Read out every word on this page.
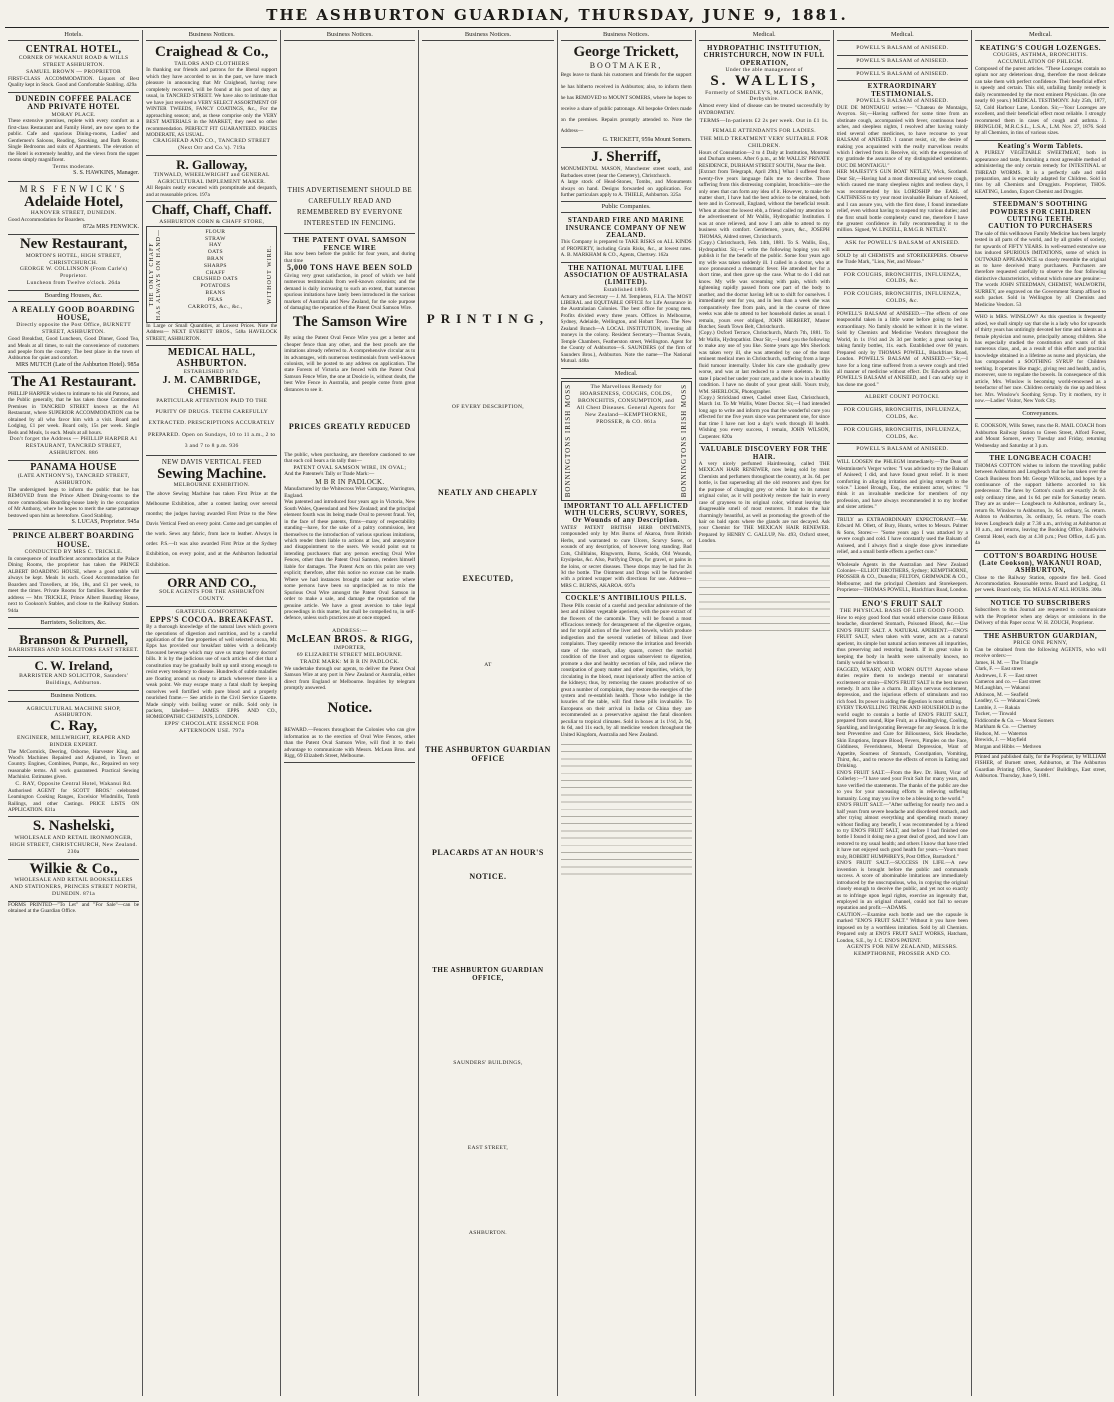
THE ASHBURTON GUARDIAN, THURSDAY, JUNE 9, 1881.
Hotels.
CENTRAL HOTEL,
CORNER OF WAKANUI ROAD & WILLS STREET ASHBURTON.
SAMUEL BROWN — PROPRIETOR
FIRST-CLASS ACCOMMODATION. Liquors of Best Quality kept in Stock. Good and Comfortable Stabling. 429a
DUNEDIN COFFEE PALACE AND PRIVATE HOTEL
MORAY PLACE.
These extensive premises, replete with every comfort as a first-class Restaurant and Family Hotel, are now open to the public. Cafe and spacious Dining-rooms, Ladies' and Gentlemen's Saloons, Reading, Smoking, and Bath Rooms; Single Bedrooms and suits of Apartments. The elevation of the Hotel is extremely healthy, and the views from the upper rooms simply magnificent.
Terms moderate.
S. S. HAWKINS, Manager.
MRS FENWICK'S
Adelaide Hotel,
HANOVER STREET, DUNEDIN.
Good Accommodation for Boarders.
872a MRS FENWICK.
New Restaurant,
MORTON'S HOTEL, HIGH STREET, CHRISTCHURCH.
GEORGE W. COLLINSON (From Carle's) Proprietor.
Luncheon from Twelve o'clock. 264a
Boarding Houses, &c.
A REALLY GOOD BOARDING HOUSE,
Directly opposite the Post Office, BURNETT STREET, ASHBURTON.
Good Breakfast, Good Luncheon, Good Dinner, Good Tea, and Meals at all times, to suit the convenience of customers and people from the country. The best place in the town of Ashburton for quiet and comfort.
MRS MUTCH (Late of the Ashburton Hotel). 985a
The A1 Restaurant.
PHILLIP HARPER wishes to intimate to his old Patrons, and the Public generally, that he has taken those Commodious Premises in TANCRED STREET known as the A1 Restaurant, where SUPERIOR ACCOMMODATION can be obtained by all who favor him with a visit. Board and Lodging, £1 per week. Board only, 15s per week. Single Beds and Meals, 1s each. Meals at all hours.
Don't forget the Address — PHILLIP HARPER A1 RESTAURANT, TANCRED STREET, ASHBURTON. 886
PANAMA HOUSE
(LATE ANTHONY'S), TANCRED STREET, ASHBURTON.
The undersigned begs to inform the public that he has REMOVED from the Prince Albert Dining-rooms to the more commodious Boarding-house lately in the occupation of Mr Anthony, where he hopes to merit the same patronage bestowed upon him as heretofore. Good Stabling.
S. LUCAS, Proprietor. 945a
PRINCE ALBERT BOARDING HOUSE.
CONDUCTED BY MRS C. TRICKLE.
In consequence of insufficient accommodation at the Palace Dining Rooms, the proprietor has taken the PRINCE ALBERT BOARDING HOUSE, where a good table will always be kept. Meals 1s each. Good Accommodation for Boarders and Travellers, at 16s, 18s, and £1 per week, to meet the times. Private Rooms for families. Remember the address — Mrs TRICKLE, Prince Albert Boarding House, next to Cookson's Stables, and close to the Railway Station. 944a
Barristers, Solicitors, &c.
Branson & Purnell,
BARRISTERS AND SOLICITORS EAST STREET.
C. W. Ireland,
BARRISTER AND SOLICITOR, Saunders' Buildings, Ashburton.
Business Notices.
AGRICULTURAL MACHINE SHOP, ASHBURTON.
C. Ray,
ENGINEER, MILLWRIGHT, REAPER AND BINDER EXPERT.
The McCormick, Deering, Osborne, Harvester King, and Wood's Machines Repaired and Adjusted, in Town or Country. Engines, Combines, Pumps, &c., Repaired on very reasonable terms. All work guaranteed. Practical Sewing Machinist. Estimates given.
C. RAY, Opposite Central Hotel, Wakanui Rd.
Authorised AGENT for SCOTT BROS.' celebrated Leamington Cooking Ranges, Excelsior Windmills, Tomb Railings, and other Castings. PRICE LISTS ON APPLICATION. 831a
S. Nashelski,
WHOLESALE AND RETAIL IRONMONGER, HIGH STREET, CHRISTCHURCH, New Zealand. 230a
Wilkie & Co.,
WHOLESALE AND RETAIL BOOKSELLERS AND STATIONERS, PRINCES STREET NORTH, DUNEDIN. 871a
FORMS PRINTED—"To Let" and "For Sale"—can be obtained at the Guardian Office.
Business Notices.
Craighead & Co.,
TAILORS AND CLOTHIERS
In thanking our friends and patrons for the liberal support which they have accorded to us in the past, we have much pleasure in announcing that Mr Craighead, having now completely recovered, will be found at his post of duty as usual, in TANCRED STREET. We have also to intimate that we have just received a VERY SELECT ASSORTMENT OF WINTER TWEEDS, FANCY COATINGS, &c., For the approaching season; and, as these comprise only the VERY BEST MATERIALS in the MARKET, they need no other recommendation. PERFECT FIT GUARANTEED. PRICES MODERATE, AS USUAL.
CRAIGHEAD AND CO., TANCRED STREET (Next Orr and Co.'s). 719a
R. Galloway,
TINWALD, WHEELWRIGHT and GENERAL AGRICULTURAL IMPLEMENT MAKER.
All Repairs neatly executed with promptitude and despatch, and at reasonable prices. 197a
Chaff, Chaff, Chaff.
ASHBURTON CORN & CHAFF STORE,
THE ONLY CHAFF HAS ALWAYS ON HAND—	FLOUR
STRAW
HAY
OATS
BRAN
SHARPS
CHAFF
CRUSHED OATS
POTATOES
BEANS
PEAS
CARROTS, &c., &c.,
WITHOUT WIRE.
In Large or Small Quantities, at Lowest Prices. Note the Address— NEXT EVERETT BROS., 548a HAVELOCK STREET, ASHBURTON.
MEDICAL HALL, ASHBURTON.
ESTABLISHED 1874.
J. M. CAMBRIDGE,
CHEMIST.
PARTICULAR ATTENTION PAID TO THE PURITY OF DRUGS. TEETH CAREFULLY EXTRACTED. PRESCRIPTIONS ACCURATELY PREPARED. Open on Sundays, 10 to 11 a.m., 2 to 3 and 7 to 8 p.m. 936
NEW DAVIS VERTICAL FEED
Sewing Machine.
MELBOURNE EXHIBITION.
The above Sewing Machine has taken First Prize at the Melbourne Exhibition, after a contest lasting over several months; the judges having awarded First Prize to the New Davis Vertical Feed on every point. Come and get samples of the work. Sews any fabric, from lace to leather. Always in order. P.S.—It was also awarded First Prize at the Sydney Exhibition, on every point, and at the Ashburton Industrial Exhibition.
ORR AND CO.,
SOLE AGENTS FOR THE ASHBURTON COUNTY.
GRATEFUL COMFORTING
EPPS'S COCOA. BREAKFAST.
By a thorough knowledge of the natural laws which govern the operations of digestion and nutrition, and by a careful application of the fine properties of well selected cocoa, Mr. Epps has provided our breakfast tables with a delicately flavoured beverage which may save us many heavy doctors' bills. It is by the judicious use of such articles of diet that a constitution may be gradually built up until strong enough to resist every tendency to disease. Hundreds of subtle maladies are floating around us ready to attack wherever there is a weak point. We may escape many a fatal shaft by keeping ourselves well fortified with pure blood and a properly nourished frame.— See article in the Civil Service Gazette. Made simply with boiling water or milk. Sold only in packets, labelled— JAMES EPPS AND CO., HOMŒOPATHIC CHEMISTS, LONDON.
EPPS' CHOCOLATE ESSENCE FOR AFTERNOON USE. 797a
Business Notices.
THIS ADVERTISEMENT SHOULD BE CAREFULLY READ AND REMEMBERED BY EVERYONE INTERESTED IN FENCING.
THE PATENT OVAL SAMSON FENCE WIRE
Has now been before the public for four years, and during that time
5,000 TONS HAVE BEEN SOLD
Giving very great satisfaction, in proof of which we hold numerous testimonials from well-known colonists; and the demand is daily increasing to such an extent, that numerous spurious imitations have lately been introduced in the various markets of Australia and New Zealand, for the sole purpose of damaging the reputation of the Patent Oval Samson Wire.
The Samson Wire
By using the Patent Oval Fence Wire you get a better and cheaper fence than any other, and the best proofs are the imitations already referred to. A comprehensive circular as to its advantages, with numerous testimonials from well-known colonists, will be posted to any address on application. The state Forests of Victoria are fenced with the Patent Oval Samson Fence Wire, the one at Doolcie is, without doubt, the best Wire Fence in Australia, and people come from great distances to see it.
PRICES GREATLY REDUCED
The public, when purchasing, are therefore cautioned to see that each coil bears a tin tally thus—
PATENT OVAL SAMSON WIRE, IN OVAL;
And the Patentee's Tally or Trade Mark:—
M B R IN PADLOCK.
Manufactured by the Whitecross Wire Company, Warrington, England.
Was patented and introduced four years ago in Victoria, New South Wales, Queensland and New Zealand; and the principal element fourth was its being made Oval to prevent fraud. Yet, in the face of these patents, firms—many of respectability standing—have, for the sake of a paltry commission, lent themselves to the introduction of various spurious imitations, which render them liable to actions at law, and annoyance and disappointment to the users. We would point out to intending purchasers that any person erecting Oval Wire Fences, other than the Patent Oval Samson, renders himself liable for damages. The Patent Acts on this point are very explicit; therefore, after this notice no excuse can be made. Where we had instances brought under our notice where some persons have been so unprincipled as to mix the Spurious Oval Wire amongst the Patent Oval Samson in order to make a sale, and damage the reputation of the genuine article. We have a great aversion to take legal proceedings in this matter, but shall be compelled to, in self-defence, unless such practices are at once stopped.
ADDRESS:—
McLEAN BROS. & RIGG,
IMPORTER,
69 ELIZABETH STREET MELBOURNE.
TRADE MARK: M B R IN PADLOCK.
We undertake through our agents, to deliver the Patent Oval Samson Wire at any port in New Zealand or Australia, either direct from England or Melbourne. Inquiries by telegram promptly answered.
Notice.
REWARD.—Fencers throughout the Colonies who can give information as to the erection of Oval Wire Fences, other than the Patent Oval Samson Wire, will find it to their advantage to communicate with Messrs. McLean Bros. and Rigg, 69 Elizabeth Street, Melbourne.
Business Notices.
PRINTING,
OF EVERY DESCRIPTION,
NEATLY AND CHEAPLY
EXECUTED,
AT
THE ASHBURTON GUARDIAN OFFICE
PLACARDS AT AN HOUR'S NOTICE.
THE ASHBURTON GUARDIAN OFFICE,
SAUNDERS' BUILDINGS,
EAST STREET,
ASHBURTON.
Business Notices.
George Trickett,
BOOTMAKER,
Begs leave to thank his customers and friends for the support he has hitherto received in Ashburton; also, to inform them he has REMOVED to MOUNT SOMERS, where he hopes to receive a share of public patronage. All bespoke Orders made on the premises. Repairs promptly attended to. Note the Address—
G. TRICKETT, 959a Mount Somers.
J. Sherriff,
MONUMENTAL MASON, Manchester street south, and Barbadoes street (near the Cemetery), Christchurch.
A large stock of Head-Stones, Tombs, and Monuments always on hand. Designs forwarded on application. For further particulars apply to A. THIELE, Ashburton. 325a
Public Companies.
STANDARD FIRE AND MARINE INSURANCE COMPANY OF NEW ZEALAND.
This Company is prepared to TAKE RISKS on ALL KINDS of PROPERTY, including Grain Risks, &c., at lowest rates. A. B. MARKHAM & CO., Agents, Chertsey. 162a
THE NATIONAL MUTUAL LIFE ASSOCIATION OF AUSTRALASIA (LIMITED).
Established 1869.
Actuary and Secretary — J. M. Templeton, F.I.A. The MOST LIBERAL and EQUITABLE OFFICE for Life Assurance in the Australasian Colonies. The best office for young men. Profits divided every three years. Offices in Melbourne, Sydney, Adelaide, Wellington, and Hobart Town. The New Zealand Branch—A LOCAL INSTITUTION, investing all moneys in the colony. Resident Secretary—Thomas Swain, Temple Chambers, Featherston street, Wellington. Agent for the County of Ashburton—S. SAUNDERS (of the firm of Saunders Bros.), Ashburton. Note the name—The National Mutual. 448a
Medical.
BONNINGTONS IRISH MOSS	The Marvellous Remedy for HOARSENESS, COUGHS, COLDS, BRONCHITIS, CONSUMPTION, and All Chest Diseases. General Agents for New Zealand—KEMPTHORNE, PROSSER, & CO. 861a	BONNINGTONS IRISH MOSS
IMPORTANT TO ALL AFFLICTED WITH ULCERS, SCURVY, SORES, Or Wounds of any Description.
YATES' PATENT BRITISH HERB OINTMENTS, compounded only by Mrs Burns of Akaroa, from British Herbs, and warranted to cure Ulcers, Scurvy Sores, or wounds of any description, of however long standing. Bad Cuts, Chilblains, Ringworm, Burns, Scalds, Old Wounds, Erysipelas, &c. Also, Purifying Drops, for gravel, or pains in the loins, or secret diseases. These drops may be had for 2s 9d the bottle. The Ointment and Drops will be forwarded with a printed wrapper with directions for use. Address— MRS C. BURNS, AKAROA. 697a
COCKLE'S ANTIBILIOUS PILLS.
These Pills consist of a careful and peculiar admixture of the best and mildest vegetable aperients, with the pure extract of the flowers of the camomile. They will be found a most efficacious remedy for derangement of the digestive organs, and for torpid action of the liver and bowels, which produce indigestion and the several varieties of bilious and liver complaints. They speedily remove the irritation and feverish state of the stomach, allay spasm, correct the morbid condition of the liver and organs subservient to digestion, promote a due and healthy secretion of bile, and relieve the constipation of gouty matter and other impurities, which, by circulating in the blood, must injuriously affect the action of the kidneys; thus, by removing the causes productive of so great a number of complaints, they restore the energies of the system and re-establish health. Those who indulge in the luxuries of the table, will find these pills invaluable. To Europeans on their arrival in India or China they are recommended as a preservative against the fatal disorders peculiar to tropical climates. Sold in boxes at 1s 1½d, 2s 9d, 4s 6d, and 11s each, by all medicine vendors throughout the United Kingdom, Australia and New Zealand.
Medical.
HYDROPATHIC INSTITUTION, CHRISTCHURCH, NOW IN FULL OPERATION,
Under the able management of
S. WALLIS,
Formerly of SMEDLEY'S, MATLOCK BANK, Derbyshire.
Almost every kind of disease can be treated successfully by HYDROPATHY.
TERMS—In-patients £2 2s per week. Out in £1 1s. FEMALE ATTENDANTS FOR LADIES.
THE MILD TREATMENT VERY SUITABLE FOR CHILDREN.
Hours of Consultation—2 to 4 Daily at Institution, Montreal and Durham streets. After 6 p.m., at Mr WALLIS' PRIVATE RESIDENCE, DURHAM STREET SOUTH, Near the Belt.
[Extract from Telegraph, April 29th.] What I suffered from twenty-five years language fails me to describe. Those suffering from this distressing complaint, bronchitis—are the only ones that can form any idea of it. However, to make the matter short, I have had the best advice to be obtained, both here and in Cornwall, England, without the beneficial result. When at about the lowest ebb, a friend called my attention to the advertisement of Mr Wallis, Hydropathic Institution. I was at once relieved, and now I am able to attend to my business with comfort. Gentlemen, yours, &c., JOSEPH THOMAS, Aldred street, Christchurch.
(Copy.) Christchurch, Feb. 14th, 1881. To S. Wallis, Esq., Hydropathist. Sir,—I write the following hoping you will publish it for the benefit of the public. Some four years ago my wife was taken suddenly ill. I called in a doctor, who at once pronounced a rheumatic fever. He attended her for a short time, and then gave up the case. What to do I did not know. My wife was screaming with pain, which with tightening rapidly passed from one part of the body to another, and the doctor having left us to shift for ourselves. I immediately sent for you, and in less than a week she was comparatively free from pain, and in the course of three weeks was able to attend to her household duties as usual. I remain, yours ever obliged, JOHN HERBERT, Master Butcher, South Town Belt, Christchurch.
(Copy.) Oxford Terrace, Christchurch, March 7th, 1881. To Mr Wallis, Hydropathist. Dear Sir,—I send you the following to make any use of you like. Some years ago Mrs Sherlock was taken very ill, she was attended by one of the most eminent medical men in Christchurch, suffering from a large fluid tumour internally. Under his care she gradually grew worse, and was at last reduced to a mere skeleton. In this state I placed her under your care, and she is now in a healthy condition. I have no doubt of your great skill. Yours truly, WM. SHERLOCK, Photographer.
(Copy.) Strickland street, Cashel street East, Christchurch, March 1st. To Mr Wallis, Water Doctor. Sir,—I had intended long ago to write and inform you that the wonderful cure you effected for me five years since was permanent one, for since that time I have not lost a day's work through ill health. Wishing you every success, I remain, JOHN WILSON, Carpenter. 820a
VALUABLE DISCOVERY FOR THE HAIR.
A very nicely perfumed Hairdressing, called THE MEXICAN HAIR RENEWER, now being sold by most Chemists and perfumers throughout the country, at 3s. 6d. per bottle, is fast superseding all the old restorers and dyes for the purpose of changing grey or white hair to its natural original color, as it will positively restore the hair in every case of grayness to its original color, without leaving the disagreeable smell of most restorers. It makes the hair charmingly beautiful, as well as promoting the growth of the hair on bald spots where the glands are not decayed. Ask your Chemist for THE MEXICAN HAIR RENEWER. Prepared by HENRY C. GALLUP, No. 493, Oxford street, London.
Medical.
POWELL'S BALSAM of ANISEED.
POWELL'S BALSAM of ANISEED.
POWELL'S BALSAM of ANISEED.
EXTRAORDINARY TESTIMONIALS.
POWELL'S BALSAM of ANISEED.
DUE DE MONTAIGU writes:— "Chateau de Montaigu, Avoyron. Sir,—Having suffered for some time from an obstinate cough, accompanied with fever, continuous head-aches, and sleepless nights, I resolved after having vainly tried several other medicines, to have recourse to your BALSAM of ANISEED. I cannot resist, sir, the desire of making you acquainted with the really marvellous results which I derived from it. Receive, sir, with the expression of my gratitude the assurance of my distinguished sentiments. DUC DE MONTAIGU."
HER MAJESTY'S GUN BOAT NETLEY, Wick, Scotland. Dear Sir,—Having had a most distressing and severe cough, which caused me many sleepless nights and restless days, I was recommended by his LORDSHIP the EARL of CAITHNESS to try your most invaluable Balsam of Aniseed, and I can assure you, with the first dose, I found immediate relief, even without having to suspend my various duties; and the first small bottle completely cured me, therefore I have the greatest confidence in fully recommending it to the million. Signed, W. LINZELL, B.M.G.B. NETLEY.
ASK for POWELL'S BALSAM of ANISEED.
SOLD by all CHEMISTS and STOREKEEPERS. Observe the Trade Mark, "Lion, Net, and Mouse."
FOR COUGHS, BRONCHITIS, INFLUENZA, COLDS, &c.
FOR COUGHS, BRONCHITIS, INFLUENZA, COLDS, &c.
POWELL'S BALSAM of ANISEED.—The effects of one teaspoonful taken in a little water before going to bed is extraordinary. No family should be without it in the winter. Sold by Chemists and Medicine Vendors throughout the World, in 1s 1½d and 2s 3d per bottle; a great saving in taking family bottles, 11s. each. Established over 60 years. Prepared only by THOMAS POWELL, Blackfriars Road, London. POWELL'S BALSAM of ANISEED.—"Sir,—I have for a long time suffered from a severe cough and tried all manner of medicine without effect. Dr. Edwards advised POWELL'S BALSAM of ANISEED, and I can safely say it has done me good."
ALBERT COUNT POTOCKI.
FOR COUGHS, BRONCHITIS, INFLUENZA, COLDS, &c.
FOR COUGHS, BRONCHITIS, INFLUENZA, COLDS, &c.
POWELL'S BALSAM of ANISEED.
WILL LOOSEN the PHLEGM immediately.—The Dean of Westminster's Verger writes: "I was advised to try the Balsam of Aniseed; I did, and have found great relief. It is most comforting in allaying irritation and giving strength to the voice." Lionel Brough, Esq., the eminent actor, writes: "I think it an invaluable medicine for members of my profession, and have always recommended it to my brother and sister artistes."
TRULY an EXTRAORDINARY EXPECTORANT.—Mr. Edward M. Ollett, of Bury, Hunts, writes to Messrs. Palmer & Sons, Stores:— "Some years ago I was attacked by a severe cough and cold. I have constantly used the Balsam of Aniseed, and I always find a single dose gives immediate relief, and a small bottle effects a perfect cure."
Wholesale Agents in the Australian and New Zealand Colonies—ELLIOT BROTHERS, Sydney; KEMPTHORNE, PROSSER & CO., Dunedin; FELTON, GRIMWADE & CO., Melbourne; and the principal Chemists and Storekeepers. Proprietor—THOMAS POWELL, Blackfriars Road, London.
ENO'S FRUIT SALT
THE PHYSICAL BASIS OF LIFE GOOD FOOD.
How to enjoy good food that would otherwise cause Bilious headache, disordered Stomach, Poisoned Blood, &c.—Use ENO'S FRUIT SALT. A NATURAL APERIENT.—ENO'S FRUIT SALT, when taken with water, acts as a natural aperient, its simple but natural action removes all impurities, thus preserving and restoring health. If its great value in keeping the body in health were universally known, no family would be without it.
FAGGED, WEARY, AND WORN OUT!!! Anyone whose duties require them to undergo mental or unnatural excitement or strain—ENO'S FRUIT SALT is the best known remedy. It acts like a charm. It allays nervous excitement, depression, and the injurious effects of stimulants and too rich food. Its power in aiding the digestion is most striking.
EVERY TRAVELLING TRUNK AND HOUSEHOLD in the world ought to contain a bottle of ENO'S FRUIT SALT, prepared from sound, Ripe Fruit, as a Healthgiving, Cooling, Sparkling, and Invigorating Beverage for any Season. It is the best Preventive and Cure for Biliousness, Sick Headache, Skin Eruptions, Impure Blood, Fevers, Pimples on the Face, Giddiness, Feverishness, Mental Depression, Want of Appetite, Sourness of Stomach, Constipation, Vomiting, Thirst, &c., and to remove the effects of errors in Eating and Drinking.
ENO'S FRUIT SALT.—From the Rev. Dr. Hurst, Vicar of Collerley:—"I have used your Fruit Salt for many years, and have verified the statements. The thanks of the public are due to you for your unceasing efforts in relieving suffering humanity. Long may you live to be a blessing to the world."
ENO'S FRUIT SALT.—"After suffering for nearly two and a half years from severe headache and disordered stomach, and after trying almost everything and spending much money without finding any benefit, I was recommended by a friend to try ENO'S FRUIT SALT, and before I had finished one bottle I found it doing me a great deal of good, and now I am restored to my usual health; and others I know that have tried it have not enjoyed such good health for years.—Yours most truly, ROBERT HUMPHREYS, Post Office, Barrasford."
ENO'S FRUIT SALT.—SUCCESS IN LIFE.—A new invention is brought before the public and commands success. A score of abominable imitations are immediately introduced by the unscrupulous, who, in copying the original closely enough to deceive the public, and yet not so exactly as to infringe upon legal rights, exercise an ingenuity that, employed in an original channel, could not fail to secure reputation and profit.—ADAMS.
CAUTION.—Examine each bottle and see the capsule is marked "ENO'S FRUIT SALT." Without it you have been imposed on by a worthless imitation. Sold by all Chemists. Prepared only at ENO'S FRUIT SALT WORKS, Hatcham, London, S.E., by J. C. ENO'S PATENT.
AGENTS FOR NEW ZEALAND, MESSRS. KEMPTHORNE, PROSSER AND CO.
Medical.
KEATING'S COUGH LOZENGES.
COUGHS, ASTHMA, BRONCHITIS. ACCUMULATION OF PHLEGM.
Composed of the purest articles. "These Lozenges contain no opium nor any deleterious drug, therefore the most delicate can take them with perfect confidence. Their beneficial effect is speedy and certain. This old, unfailing family remedy is daily recommended by the most eminent Physicians. (In one nearly 60 years.) MEDICAL TESTIMONY. July 25th, 1877, 52, Cold Harbour Lane, London. Sir,—Your Lozenges are excellent, and their beneficial effect most reliable. I strongly recommend them in cases of cough and asthma. J. BRINGLOE, M.R.C.S.L., L.S.A., L.M. Nov. 27, 1876. Sold by all Chemists, in tins of various sizes.
Keating's Worm Tablets.
A PURELY VEGETABLE SWEETMEAT, both in appearance and taste, furnishing a most agreeable method of administering the only certain remedy for INTESTINAL or THREAD WORMS. It is a perfectly safe and mild preparation, and is especially adapted for Children. Sold in tins by all Chemists and Druggists. Proprietor, THOS. KEATING, London, Export Chemist and Druggist.
STEEDMAN'S SOOTHING POWDERS FOR CHILDREN CUTTING TEETH.
CAUTION TO PURCHASERS
The sale of this wellknown Family Medicine has been largely tested in all parts of the world, and by all grades of society, for upwards of FIFTY YEARS. In well-earned extensive use has induced SPURIOUS IMITATIONS, some of which in OUTWARD APPEARANCE so closely resemble the original as to have deceived many purchasers. Purchasers are therefore requested carefully to observe the four following distinctive characteristics, without which none are genuine:—The words JOHN STEEDMAN, CHEMIST, WALWORTH, SURREY, are engraved on the Government Stamp affixed to each packet. Sold in Wellington by all Chemists and Medicine Vendors. 53
WHO is MRS. WINSLOW? As this question is frequently asked, we shall simply say that she is a lady who for upwards of thirty years has untiringly devoted her time and talents as a female physician and nurse, principally among children. She has especially studied the constitution and wants of this numerous class, and, as a result of this effort and practical knowledge obtained in a lifetime as nurse and physician, she has compounded a SOOTHING SYRUP for Children teething. It operates like magic, giving rest and health, and is, moreover, sure to regulate the bowels. In consequence of this article, Mrs. Winslow is becoming world-renowned as a benefactor of her race. Children certainly do rise up and bless her. Mrs. Winslow's Soothing Syrup. Try it mothers, try it now.—Ladies' Visitor, New York City.
Conveyances.
E. COOKSON, Wills Street, runs the R. MAIL COACH from Ashburton Railway Station to Green Street, Alford Forest, and Mount Somers, every Tuesday and Friday, returning Wednesday and Saturday at 3 p.m.
THE LONGBEACH COACH!
THOMAS COTTON wishes to inform the travelling public between Ashburton and Longbeach that he has taken over the Coach Business from Mr. George Willcocks, and hopes by a continuance of the support hitherto accorded to his predecessor. The fares by Cotton's coach are exactly 2s 6d. only ordinary time, and 1s 6d. per mile for Saturday return. They are as under— Longbeach to Ashburton, ordinary 5s., return 8s. Winslow to Ashburton, 3s. 6d. ordinary, 5s. return. Ashton to Ashburton, 3s. ordinary, 5s. return. The coach leaves Longbeach daily at 7.30 a.m., arriving at Ashburton at 10 a.m., and returns, leaving the Booking Office, Baldwin's Central Hotel, each day at 4.30 p.m.; Post Office, 4.45 p.m. 4a
COTTON'S BOARDING HOUSE (Late Cookson), WAKANUI ROAD, ASHBURTON,
Close to the Railway Station, opposite fire bell. Good Accommodation. Reasonable terms. Board and Lodging, £1 per week. Board only, 15s. MEALS AT ALL HOURS. 300a
NOTICE TO SUBSCRIBERS
Subscribers to this Journal are requested to communicate with the Proprietor when any delays or omissions in the Delivery of this Paper occur. W. H. ZOUCH, Proprietor.
THE ASHBURTON GUARDIAN,
PRICE ONE PENNY,
Can be obtained from the following AGENTS, who will receive orders:—
James, H. M. — The Triangle
Clark, F. — East street
Andrewes, I. F. — East street
Cameron and co. — East street
McLaughlan, — Wakanui
Atkinson, M. — Seafield
Leadley, G. — Wakanui Creek
Lambie, J. — Rakaia
Tucker, — Tinwald
Fiddicombe & Co. — Mount Somers
Markham & Co. — Chertsey
Hudson, M. — Waterton
Brewick, J. — Mayfield
Morgan and Hibbs — Methven
Printed and published daily, for the Proprietor, by WILLIAM FISHER, of Burnett street, Ashburton, at The Ashburton Guardian Printing Office, Saunders' Buildings, East street, Ashburton. Thursday, June 9, 1881.
